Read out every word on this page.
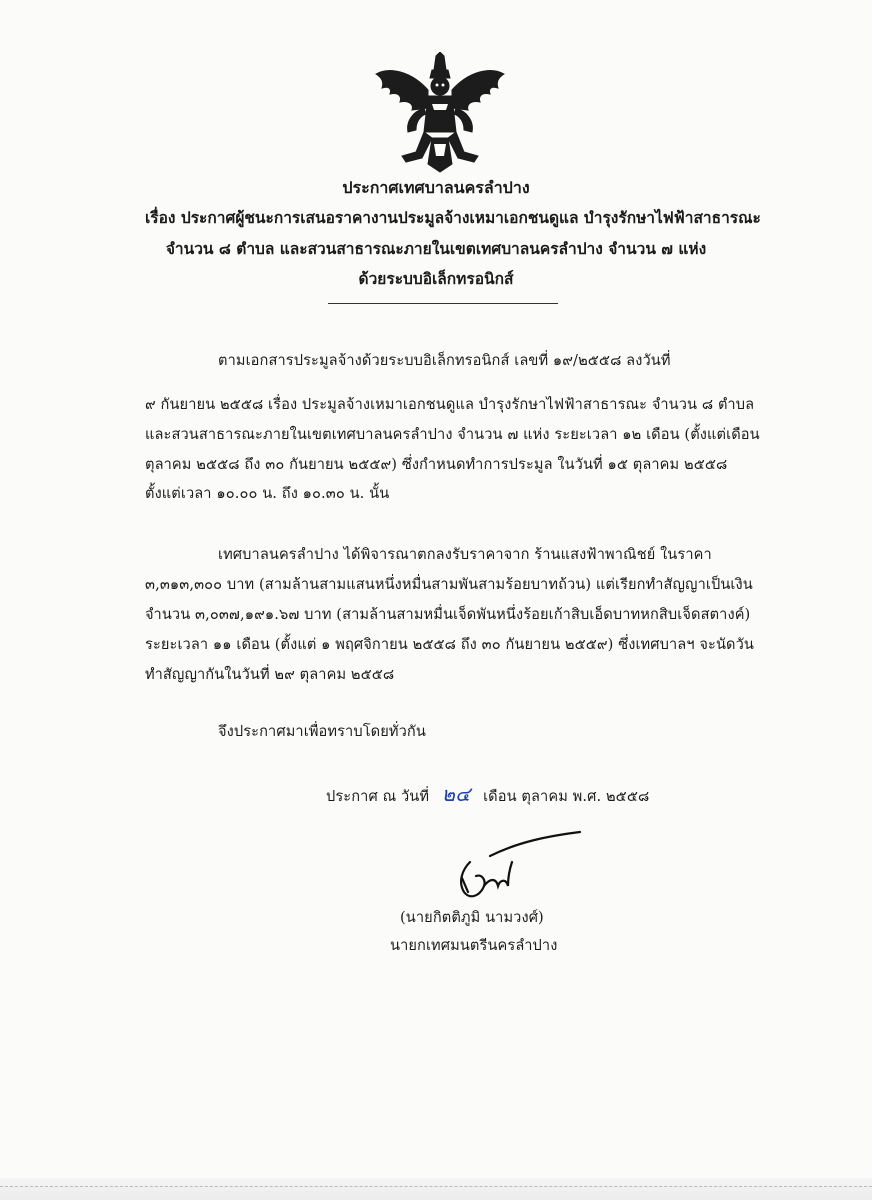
ประกาศเทศบาลนครลำปาง
เรื่อง ประกาศผู้ชนะการเสนอราคางานประมูลจ้างเหมาเอกชนดูแล บำรุงรักษาไฟฟ้าสาธารณะ
จำนวน ๘ ตำบล และสวนสาธารณะภายในเขตเทศบาลนครลำปาง จำนวน ๗ แห่ง
ด้วยระบบอิเล็กทรอนิกส์
ตามเอกสารประมูลจ้างด้วยระบบอิเล็กทรอนิกส์ เลขที่ ๑๙/๒๕๕๘ ลงวันที่
๙ กันยายน ๒๕๕๘ เรื่อง ประมูลจ้างเหมาเอกชนดูแล บำรุงรักษาไฟฟ้าสาธารณะ จำนวน ๘ ตำบล
และสวนสาธารณะภายในเขตเทศบาลนครลำปาง จำนวน ๗ แห่ง ระยะเวลา ๑๒ เดือน (ตั้งแต่เดือน
ตุลาคม ๒๕๕๘ ถึง ๓๐ กันยายน ๒๕๕๙) ซึ่งกำหนดทำการประมูล ในวันที่ ๑๕ ตุลาคม ๒๕๕๘
ตั้งแต่เวลา ๑๐.๐๐ น. ถึง ๑๐.๓๐ น. นั้น
เทศบาลนครลำปาง ได้พิจารณาตกลงรับราคาจาก ร้านแสงฟ้าพาณิชย์ ในราคา
๓,๓๑๓,๓๐๐ บาท (สามล้านสามแสนหนึ่งหมื่นสามพันสามร้อยบาทถ้วน) แต่เรียกทำสัญญาเป็นเงิน
จำนวน ๓,๐๓๗,๑๙๑.๖๗ บาท (สามล้านสามหมื่นเจ็ดพันหนึ่งร้อยเก้าสิบเอ็ดบาทหกสิบเจ็ดสตางค์)
ระยะเวลา ๑๑ เดือน (ตั้งแต่ ๑ พฤศจิกายน ๒๕๕๘ ถึง ๓๐ กันยายน ๒๕๕๙) ซึ่งเทศบาลฯ จะนัดวัน
ทำสัญญากันในวันที่ ๒๙ ตุลาคม ๒๕๕๘
จึงประกาศมาเพื่อทราบโดยทั่วกัน
ประกาศ ณ วันที่ ๒๔ เดือน ตุลาคม พ.ศ. ๒๕๕๘
(นายกิตติภูมิ นามวงศ์)
นายกเทศมนตรีนครลำปาง
